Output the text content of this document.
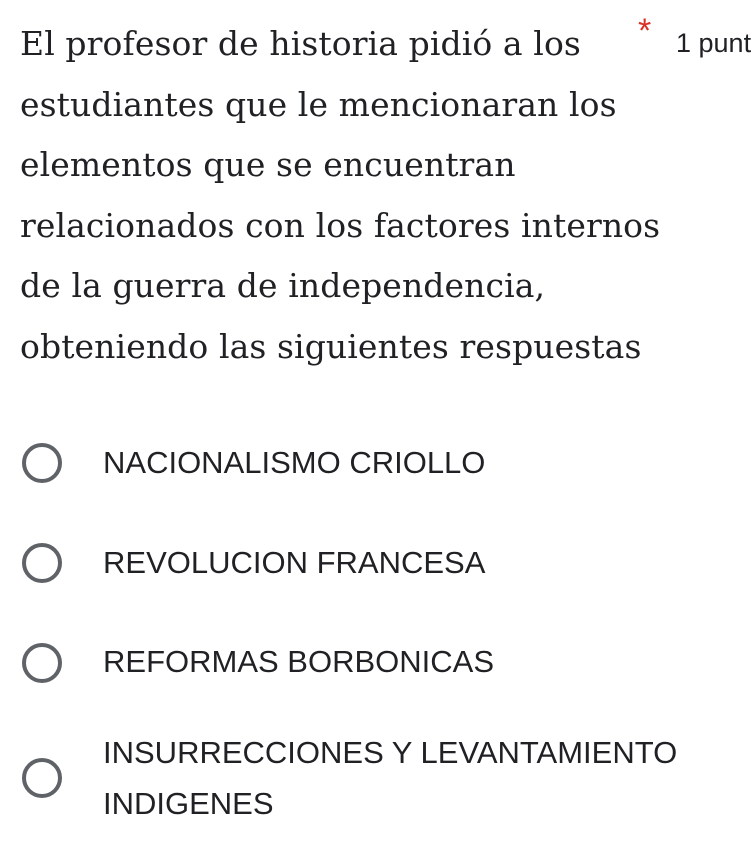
El profesor de historia pidió a los
estudiantes que le mencionaran los
elementos que se encuentran
relacionados con los factores internos
de la guerra de independencia,
obteniendo las siguientes respuestas
* 1 punt
NACIONALISMO CRIOLLO
REVOLUCION FRANCESA
REFORMAS BORBONICAS
INSURRECCIONES Y LEVANTAMIENTO
INDIGENES
